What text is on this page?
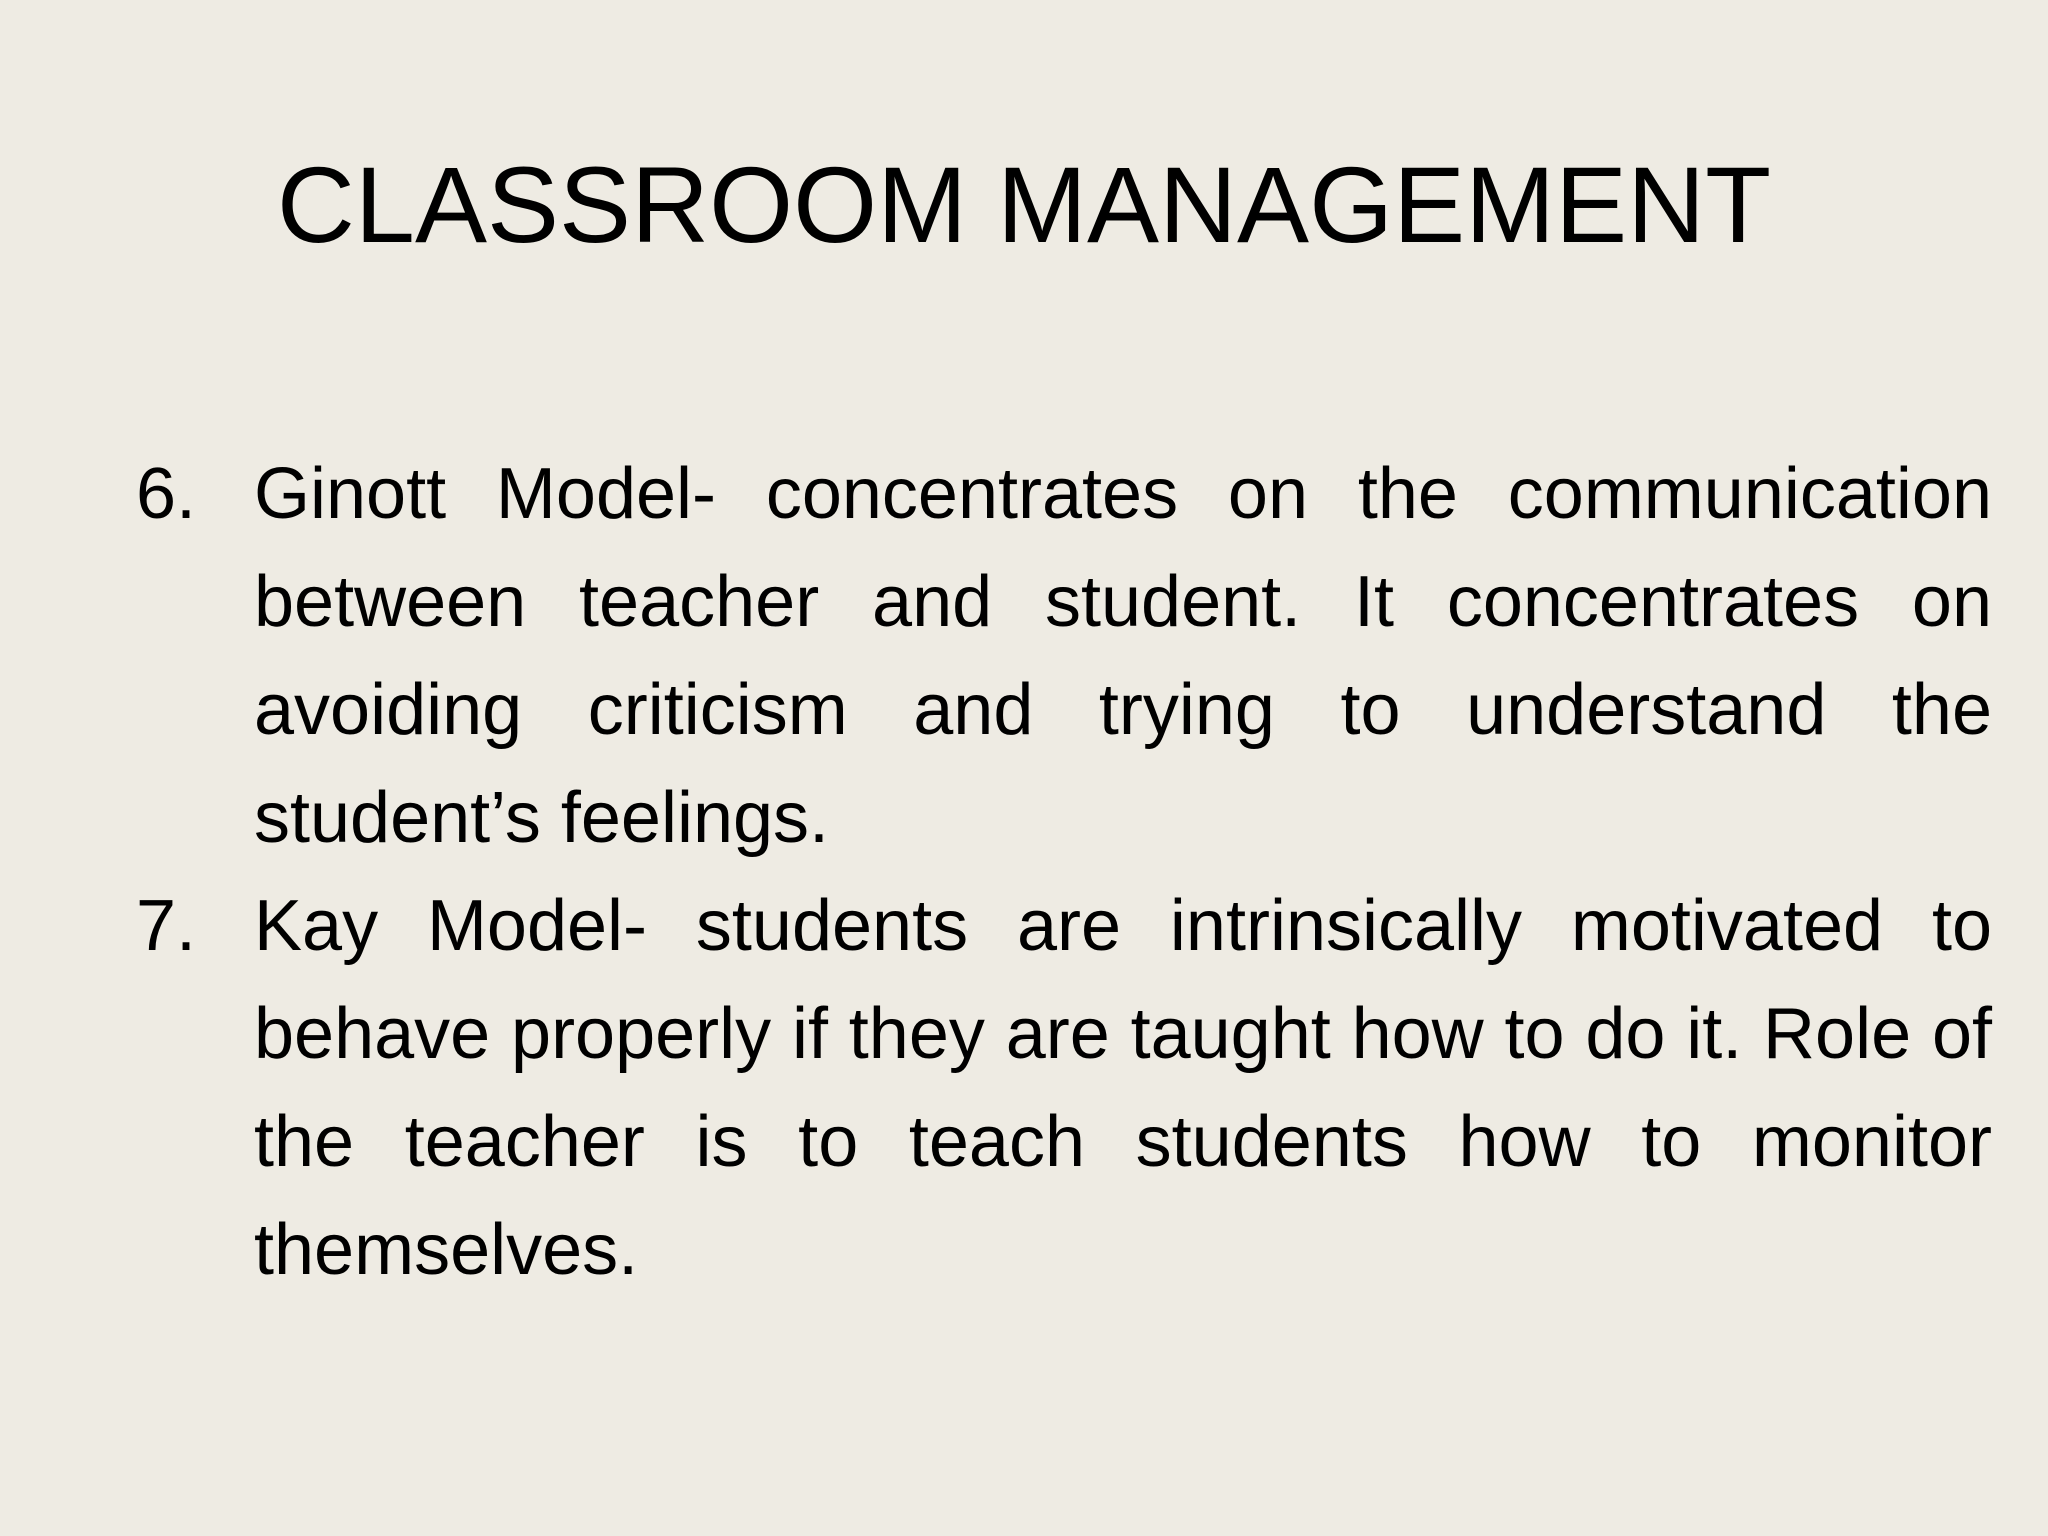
CLASSROOM MANAGEMENT
6. Ginott Model- concentrates on the communication between teacher and student. It concentrates on avoiding criticism and trying to understand the student’s feelings.
7. Kay Model- students are intrinsically motivated to behave properly if they are taught how to do it. Role of the teacher is to teach students how to monitor themselves.
